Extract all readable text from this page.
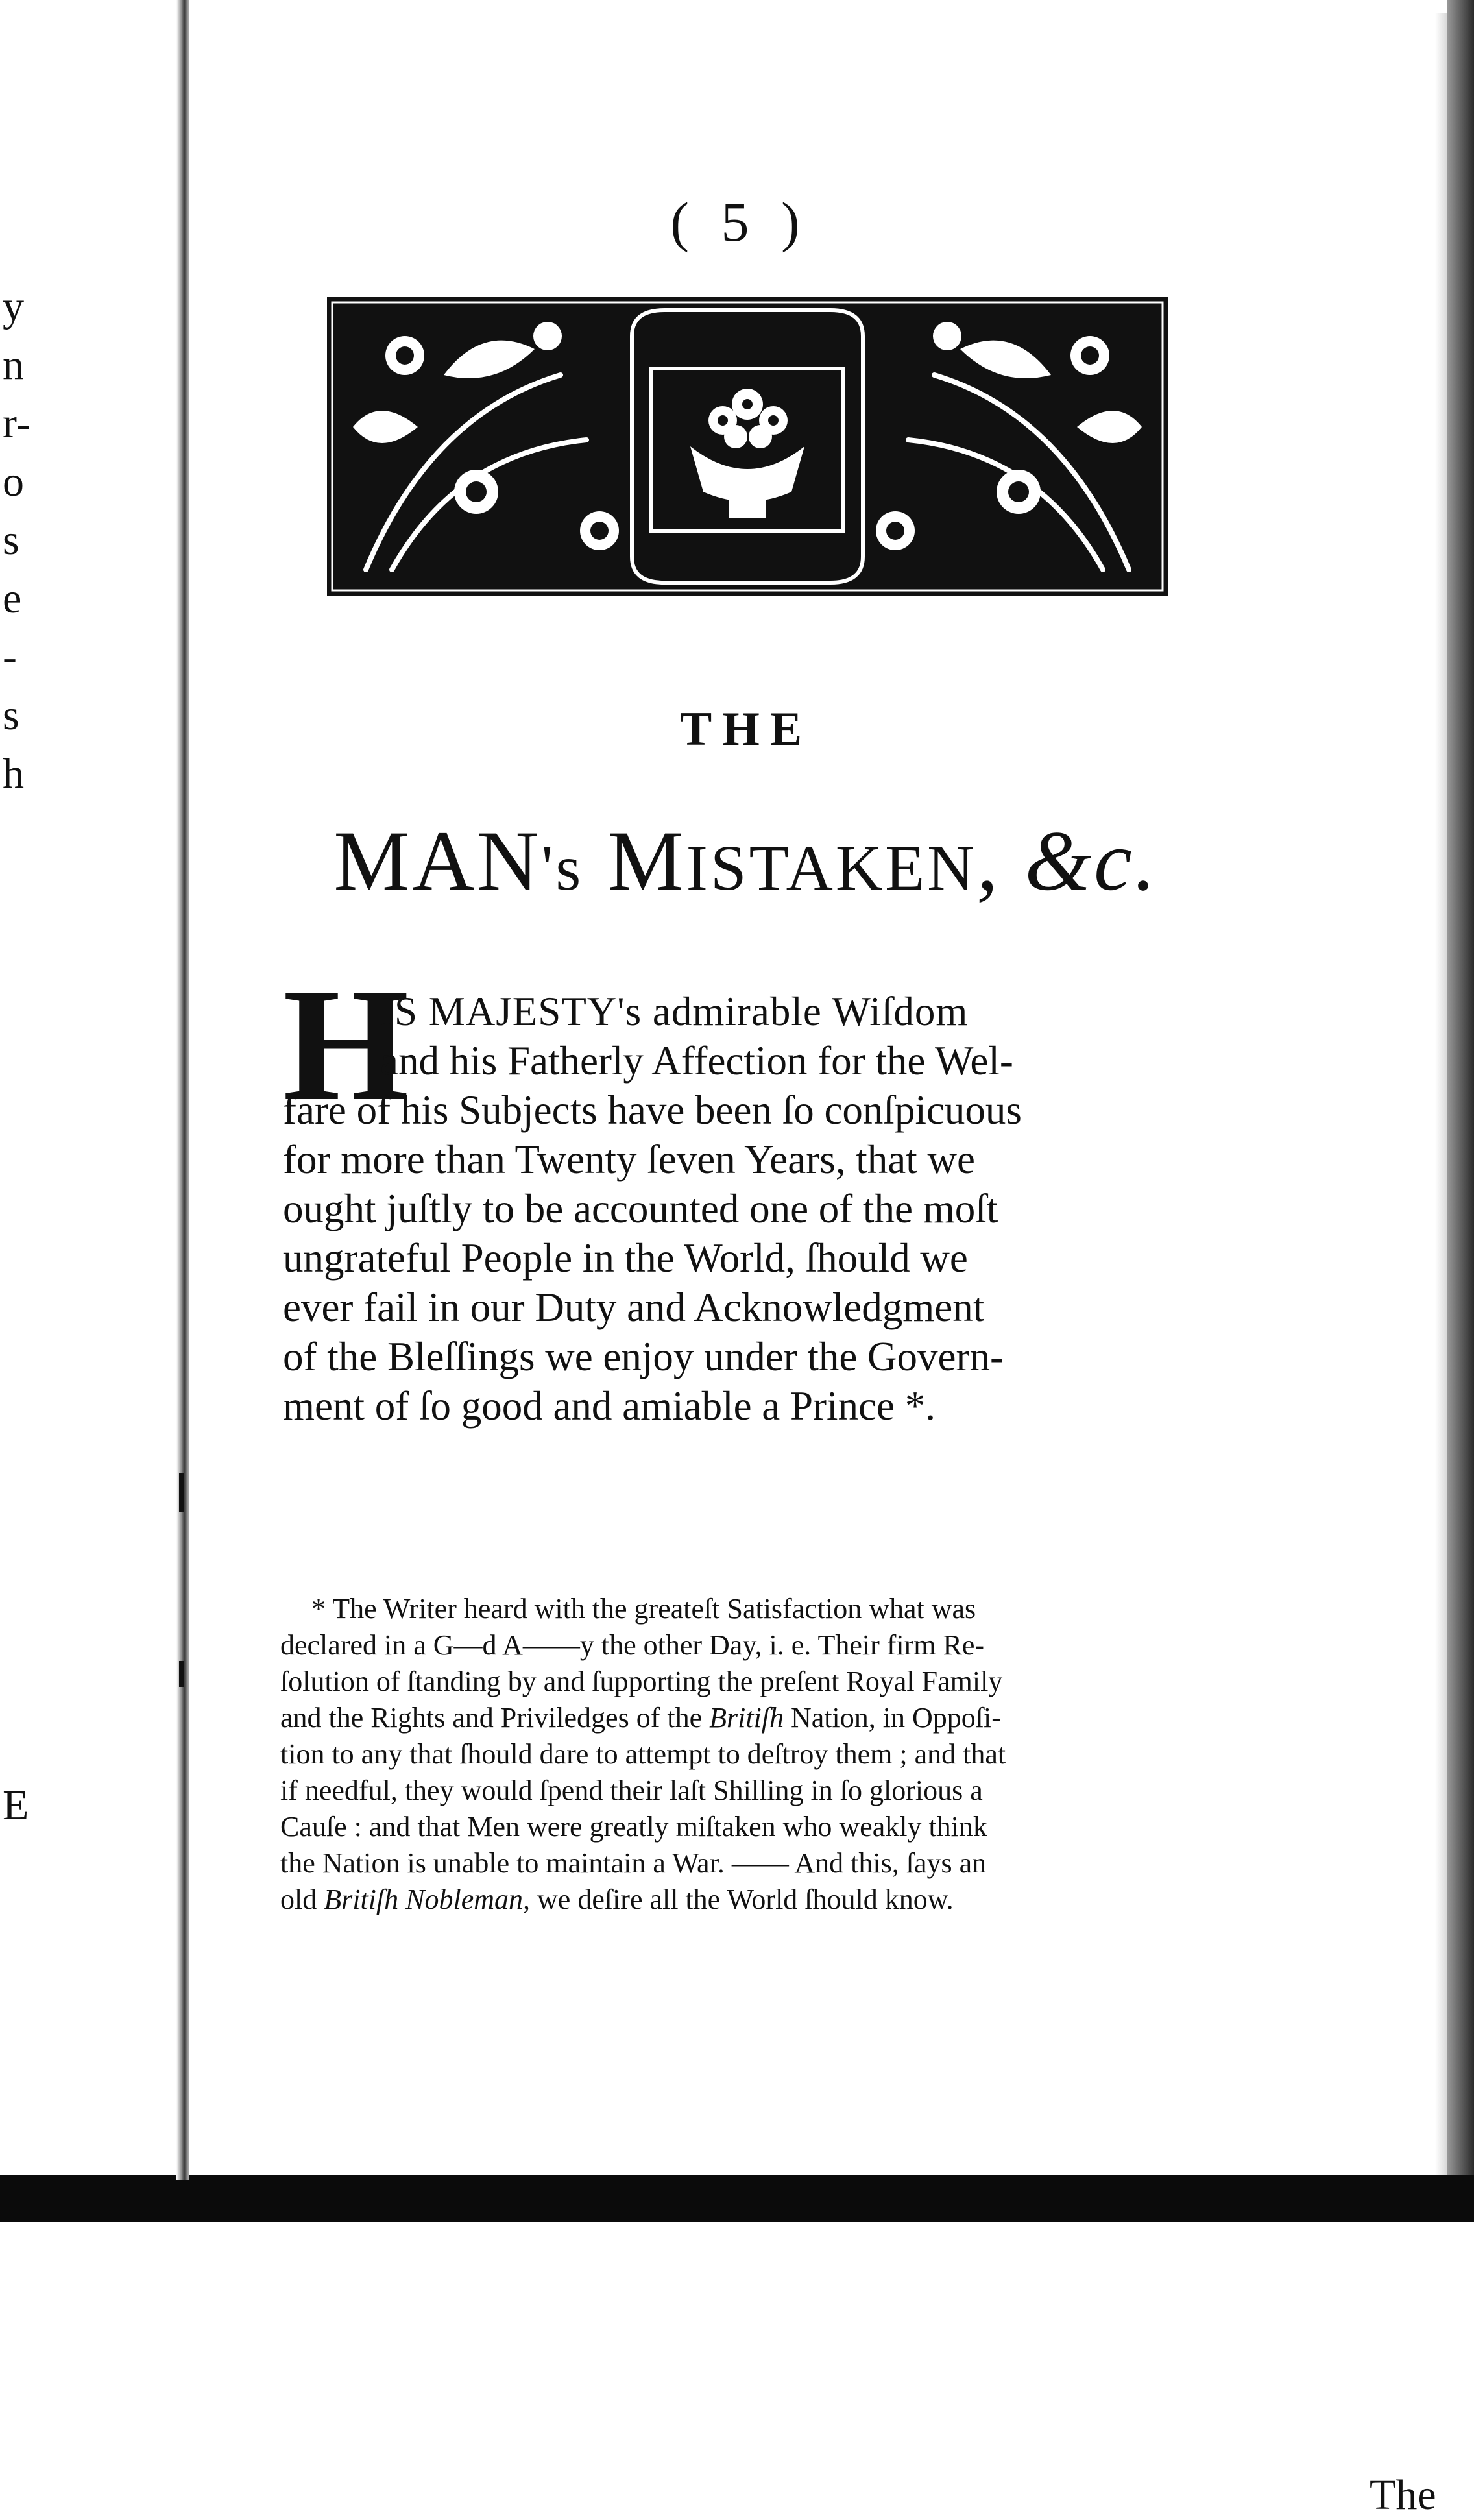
y
n
r-
o
s
e
-
s
h
E
( 5 )
THE
MAN's MISTAKEN, &c.
H
IS MAJESTY's admirable Wiſdom
and his Fatherly Affection for the Wel-
fare of his Subjects have been ſo conſpicuous
for more than Twenty ſeven Years, that we
ought juſtly to be accounted one of the moſt
ungrateful People in the World, ſhould we
ever fail in our Duty and Acknowledgment
of the Bleſſings we enjoy under the Govern-
ment of ſo good and amiable a Prince *.
The
* The Writer heard with the greateſt Satisfaction what was
declared in a G—d A——y the other Day, i. e. Their firm Re-
ſolution of ſtanding by and ſupporting the preſent Royal Family
and the Rights and Priviledges of the Britiſh Nation, in Oppoſi-
tion to any that ſhould dare to attempt to deſtroy them ; and that
if needful, they would ſpend their laſt Shilling in ſo glorious a
Cauſe : and that Men were greatly miſtaken who weakly think
the Nation is unable to maintain a War. —— And this, ſays an
old Britiſh Nobleman, we deſire all the World ſhould know.
